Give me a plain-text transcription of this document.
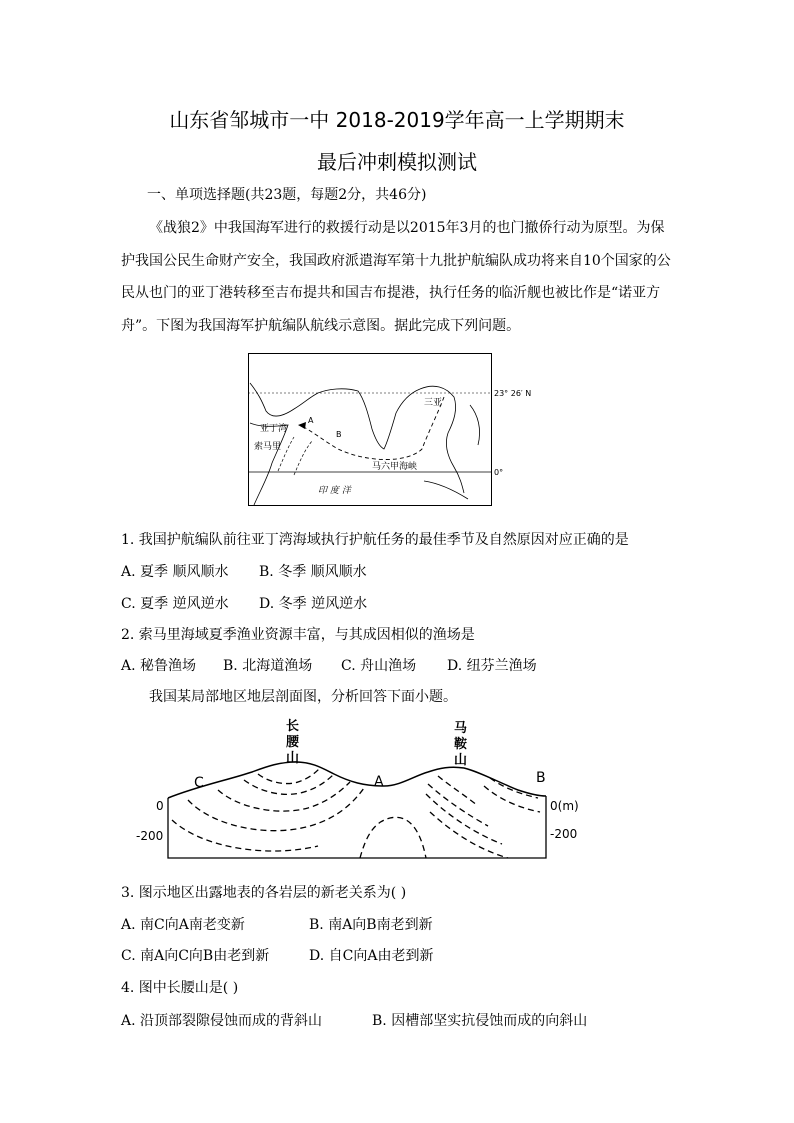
山东省邹城市一中 2018-2019学年高一上学期期末
最后冲刺模拟测试
一、单项选择题(共23题，每题2分，共46分)
《战狼2》中我国海军进行的救援行动是以2015年3月的也门撤侨行动为原型。为保护我国公民生命财产安全，我国政府派遣海军第十九批护航编队成功将来自10个国家的公民从也门的亚丁港转移至吉布提共和国吉布提港，执行任务的临沂舰也被比作是“诺亚方舟”。下图为我国海军护航编队航线示意图。据此完成下列问题。
亚丁湾
索马里
三亚
马六甲海峡
印 度 洋
A
B
23° 26′ N
0°
1. 我国护航编队前往亚丁湾海域执行护航任务的最佳季节及自然原因对应正确的是
A. 夏季 顺风顺水 B. 冬季 顺风顺水
C. 夏季 逆风逆水 D. 冬季 逆风逆水
2. 索马里海域夏季渔业资源丰富，与其成因相似的渔场是
A. 秘鲁渔场 B. 北海道渔场 C. 舟山渔场 D. 纽芬兰渔场
我国某局部地区地层剖面图，分析回答下面小题。
长
腰
山
马
鞍
山
C	A	B
0
-200
0(m)
-200
3. 图示地区出露地表的各岩层的新老关系为( )
A. 南C向A南老变新	B. 南A向B南老到新
C. 南A向C向B由老到新	D. 自C向A由老到新
4. 图中长腰山是( )
A. 沿顶部裂隙侵蚀而成的背斜山	B. 因槽部坚实抗侵蚀而成的向斜山
